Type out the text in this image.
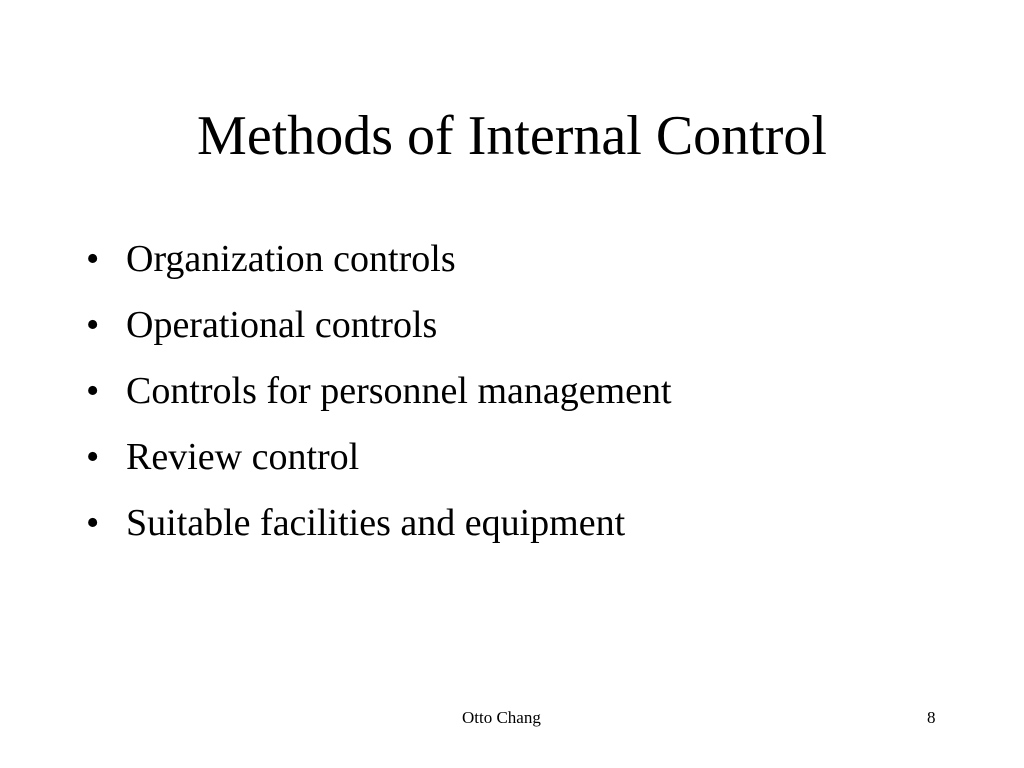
Methods of Internal Control
• Organization controls
• Operational controls
• Controls for personnel management
• Review control
• Suitable facilities and equipment
Otto Chang	8
